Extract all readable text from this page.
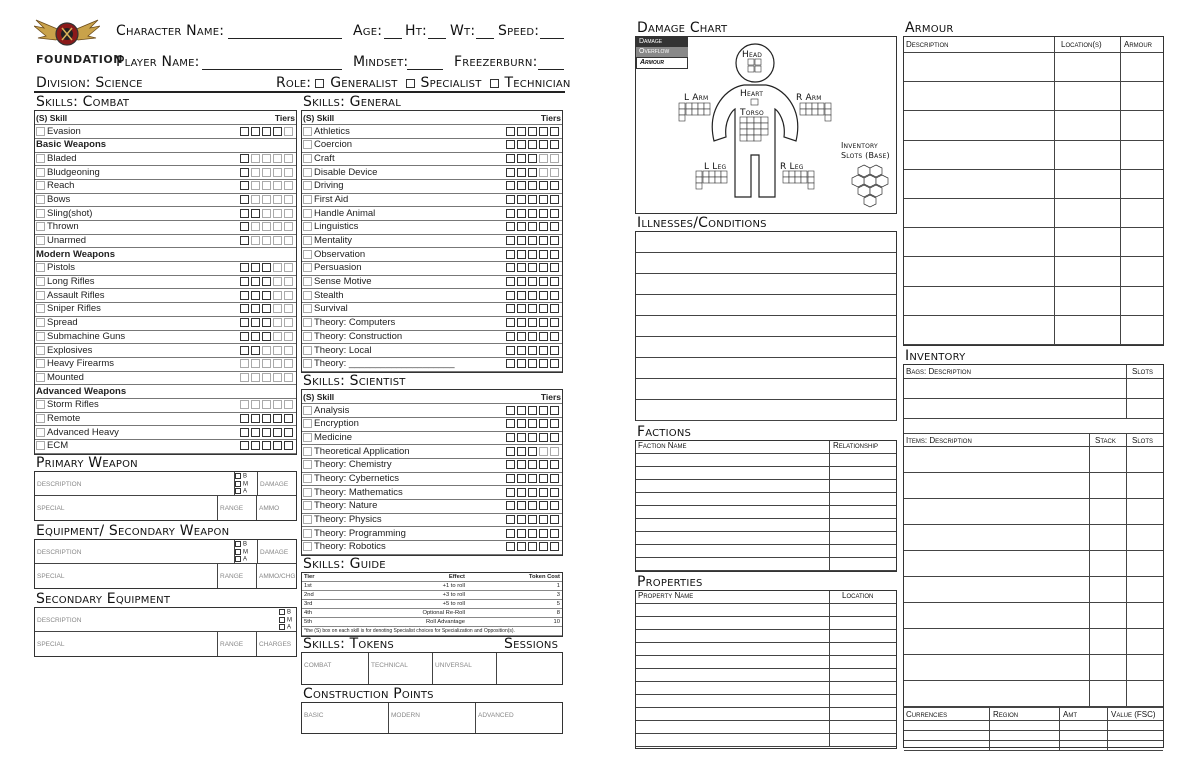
FOUNDATION
Character Name:	Age: Ht: Wt: Speed:
Player Name:	Mindset:	Freezerburn:
Division: Science	Role: Generalist Specialist Technician
Skills: Combat
(S) Skill	Tiers
Evasion	
Basic Weapons	
Bladed	
Bludgeoning	
Reach	
Bows	
Sling(shot)	
Thrown	
Unarmed	
Modern Weapons	
Pistols	
Long Rifles	
Assault Rifles	
Sniper Rifles	
Spread	
Submachine Guns	
Explosives	
Heavy Firearms	
Mounted	
Advanced Weapons	
Storm Rifles	
Remote	
Advanced Heavy	
ECM	
Skills: General
(S) Skill	Tiers
Athletics	
Coercion	
Craft	
Disable Device	
Driving	
First Aid	
Handle Animal	
Linguistics	
Mentality	
Observation	
Persuasion	
Sense Motive	
Stealth	
Survival	
Theory: Computers	
Theory: Construction	
Theory: Local	
Theory: ____________________	
Skills: Scientist
(S) Skill	Tiers
Analysis	
Encryption	
Medicine	
Theoretical Application	
Theory: Chemistry	
Theory: Cybernetics	
Theory: Mathematics	
Theory: Nature	
Theory: Physics	
Theory: Programming	
Theory: Robotics	
Skills: Guide
Tier	Effect	Token Cost
1st	+1 to roll	1
2nd	+3 to roll	3
3rd	+5 to roll	5
4th	Optional Re-Roll	8
5th	Roll Advantage	10
*the (S) box on each skill is for denoting Specialist choices for Specialization and Opposition(s).		
Skills: Tokens	Sessions
COMBAT	TECHNICAL	UNIVERSAL
Construction Points
BASIC	MODERN	ADVANCED
Primary Weapon
DESCRIPTION
B
M
A
DAMAGE
SPECIAL	RANGE	AMMO
Equipment/ Secondary Weapon
DESCRIPTION
B
M
A
DAMAGE
SPECIAL	RANGE	AMMO/CHG
Secondary Equipment
DESCRIPTION
B
M
A
SPECIAL	RANGE	CHARGES
Damage Chart
Damage
Overflow
Armour
Head
Heart
Torso
L Arm	R Arm
L Leg	R Leg
Inventory
Slots (Base)
Illnesses/Conditions
Factions
Faction Name	Relationship
Properties
Property Name	Location
Armour
Description	Location(s)	Armour
Inventory
Bags: Description	Slots
Items: Description	Stack	Slots
Currencies	Region	Amt	Value (FSC)
